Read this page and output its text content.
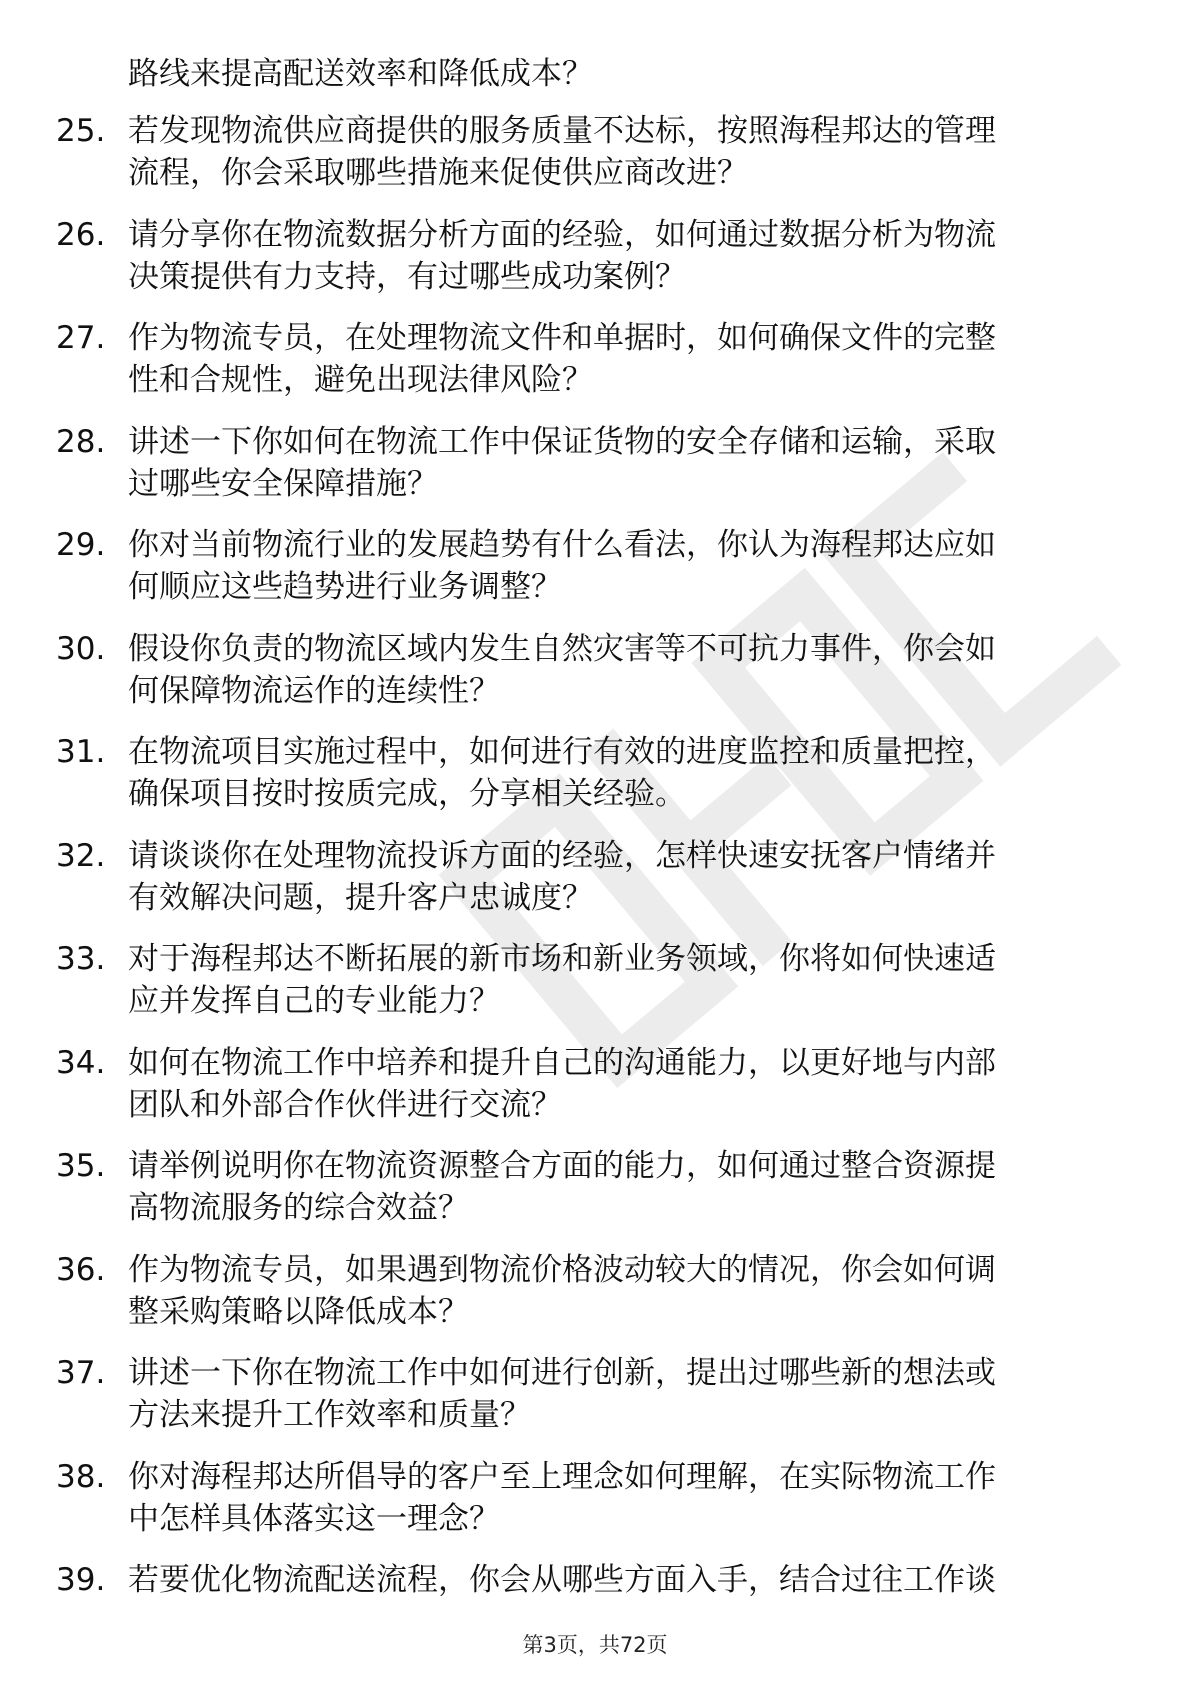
路线来提高配送效率和降低成本？
25. 若发现物流供应商提供的服务质量不达标，按照海程邦达的管理
流程，你会采取哪些措施来促使供应商改进？
26. 请分享你在物流数据分析方面的经验，如何通过数据分析为物流
决策提供有力支持，有过哪些成功案例？
27. 作为物流专员，在处理物流文件和单据时，如何确保文件的完整
性和合规性，避免出现法律风险？
28. 讲述一下你如何在物流工作中保证货物的安全存储和运输，采取
过哪些安全保障措施？
29. 你对当前物流行业的发展趋势有什么看法，你认为海程邦达应如
何顺应这些趋势进行业务调整？
30. 假设你负责的物流区域内发生自然灾害等不可抗力事件，你会如
何保障物流运作的连续性？
31. 在物流项目实施过程中，如何进行有效的进度监控和质量把控，
确保项目按时按质完成，分享相关经验。
32. 请谈谈你在处理物流投诉方面的经验，怎样快速安抚客户情绪并
有效解决问题，提升客户忠诚度？
33. 对于海程邦达不断拓展的新市场和新业务领域，你将如何快速适
应并发挥自己的专业能力？
34. 如何在物流工作中培养和提升自己的沟通能力，以更好地与内部
团队和外部合作伙伴进行交流？
35. 请举例说明你在物流资源整合方面的能力，如何通过整合资源提
高物流服务的综合效益？
36. 作为物流专员，如果遇到物流价格波动较大的情况，你会如何调
整采购策略以降低成本？
37. 讲述一下你在物流工作中如何进行创新，提出过哪些新的想法或
方法来提升工作效率和质量？
38. 你对海程邦达所倡导的客户至上理念如何理解，在实际物流工作
中怎样具体落实这一理念？
39. 若要优化物流配送流程，你会从哪些方面入手，结合过往工作谈
第3页，共72页
